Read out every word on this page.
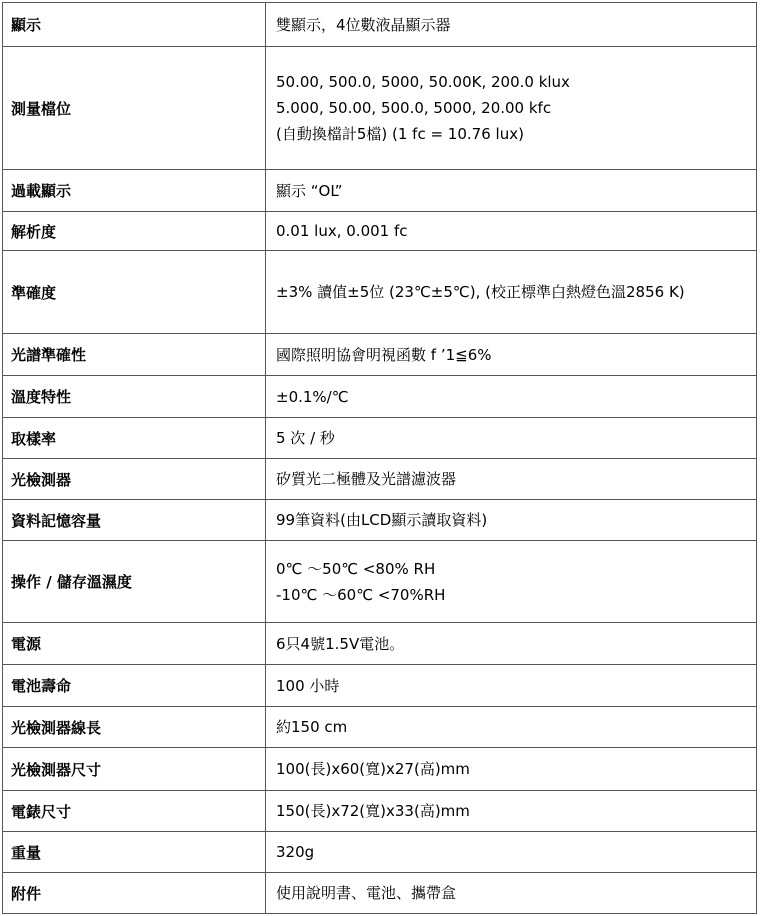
顯示	雙顯示，4位數液晶顯示器

測量檔位	50.00, 500.0, 5000, 50.00K, 200.0 klux
5.000, 50.00, 500.0, 5000, 20.00 kfc
(自動換檔計5檔) (1 fc = 10.76 lux)

過載顯示	顯示 “OL”

解析度	0.01 lux, 0.001 fc

準確度	±3% 讀值±5位 (23℃±5℃), (校正標準白熱燈色溫2856 K)

光譜準確性	國際照明協會明視函數 f ’1≦6%

溫度特性	±0.1%/℃

取樣率	5 次 / 秒

光檢測器	矽質光二極體及光譜濾波器

資料記憶容量	99筆資料(由LCD顯示讀取資料)

操作 / 儲存溫濕度	0℃ ～50℃ <80% RH
-10℃ ～60℃ <70%RH

電源	6只4號1.5V電池。

電池壽命	100 小時

光檢測器線長	約150 cm

光檢測器尺寸	100(長)x60(寬)x27(高)mm

電錶尺寸	150(長)x72(寬)x33(高)mm

重量	320g

附件	使用說明書、電池、攜帶盒
